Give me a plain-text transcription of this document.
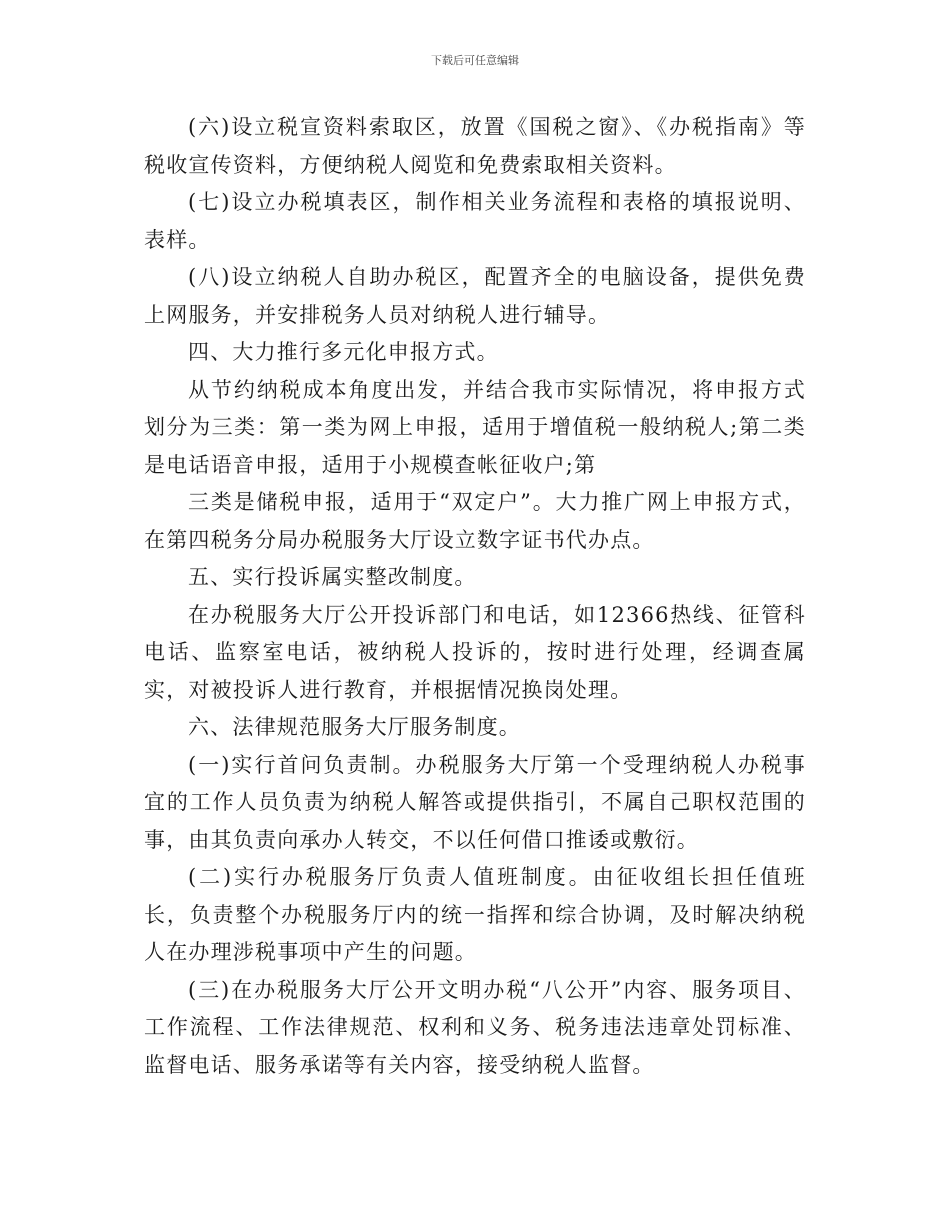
下载后可任意编辑

(六)设立税宣资料索取区，放置《国税之窗》、《办税指南》等税收宣传资料，方便纳税人阅览和免费索取相关资料。

(七)设立办税填表区，制作相关业务流程和表格的填报说明、表样。

(八)设立纳税人自助办税区，配置齐全的电脑设备，提供免费上网服务，并安排税务人员对纳税人进行辅导。

四、大力推行多元化申报方式。

从节约纳税成本角度出发，并结合我市实际情况，将申报方式划分为三类：第一类为网上申报，适用于增值税一般纳税人;第二类是电话语音申报，适用于小规模查帐征收户;第

三类是储税申报，适用于“双定户”。大力推广网上申报方式，在第四税务分局办税服务大厅设立数字证书代办点。

五、实行投诉属实整改制度。

在办税服务大厅公开投诉部门和电话，如12366热线、征管科电话、监察室电话，被纳税人投诉的，按时进行处理，经调查属实，对被投诉人进行教育，并根据情况换岗处理。

六、法律规范服务大厅服务制度。

(一)实行首问负责制。办税服务大厅第一个受理纳税人办税事宜的工作人员负责为纳税人解答或提供指引，不属自己职权范围的事，由其负责向承办人转交，不以任何借口推诿或敷衍。

(二)实行办税服务厅负责人值班制度。由征收组长担任值班长，负责整个办税服务厅内的统一指挥和综合协调，及时解决纳税人在办理涉税事项中产生的问题。

(三)在办税服务大厅公开文明办税“八公开”内容、服务项目、工作流程、工作法律规范、权利和义务、税务违法违章处罚标准、监督电话、服务承诺等有关内容，接受纳税人监督。
